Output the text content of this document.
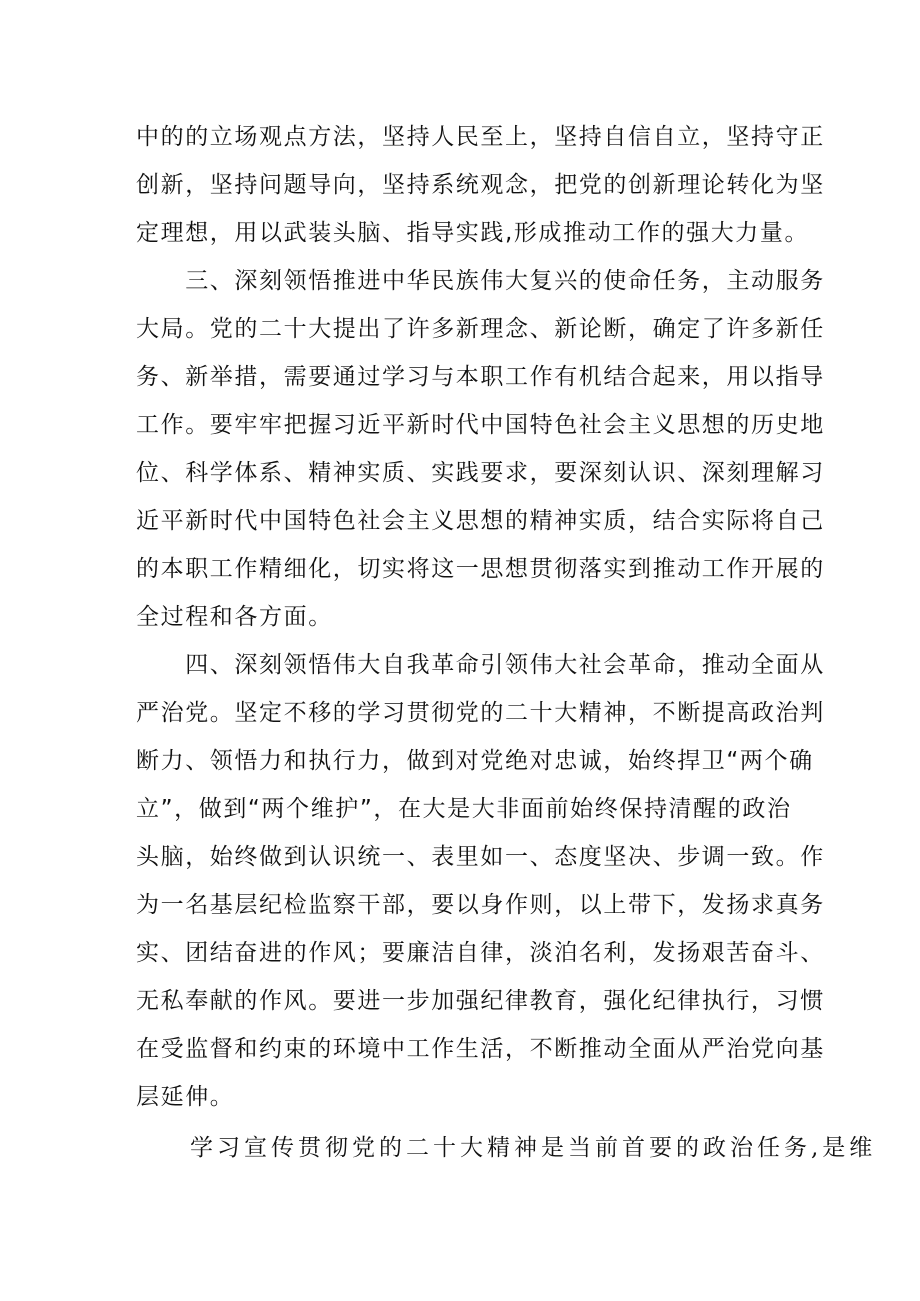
中的的立场观点方法，坚持人民至上，坚持自信自立，坚持守正
创新，坚持问题导向，坚持系统观念，把党的创新理论转化为坚
定理想，用以武装头脑、指导实践,形成推动工作的强大力量。
　　三、深刻领悟推进中华民族伟大复兴的使命任务，主动服务
大局。党的二十大提出了许多新理念、新论断，确定了许多新任
务、新举措，需要通过学习与本职工作有机结合起来，用以指导
工作。要牢牢把握习近平新时代中国特色社会主义思想的历史地
位、科学体系、精神实质、实践要求，要深刻认识、深刻理解习
近平新时代中国特色社会主义思想的精神实质，结合实际将自己
的本职工作精细化，切实将这一思想贯彻落实到推动工作开展的
全过程和各方面。
　　四、深刻领悟伟大自我革命引领伟大社会革命，推动全面从
严治党。坚定不移的学习贯彻党的二十大精神，不断提高政治判
断力、领悟力和执行力，做到对党绝对忠诚，始终捍卫“两个确
立”，做到“两个维护”，在大是大非面前始终保持清醒的政治
头脑，始终做到认识统一、表里如一、态度坚决、步调一致。作
为一名基层纪检监察干部，要以身作则，以上带下，发扬求真务
实、团结奋进的作风；要廉洁自律，淡泊名利，发扬艰苦奋斗、
无私奉献的作风。要进一步加强纪律教育，强化纪律执行，习惯
在受监督和约束的环境中工作生活，不断推动全面从严治党向基
层延伸。
　　学习宣传贯彻党的二十大精神是当前首要的政治任务,是维
